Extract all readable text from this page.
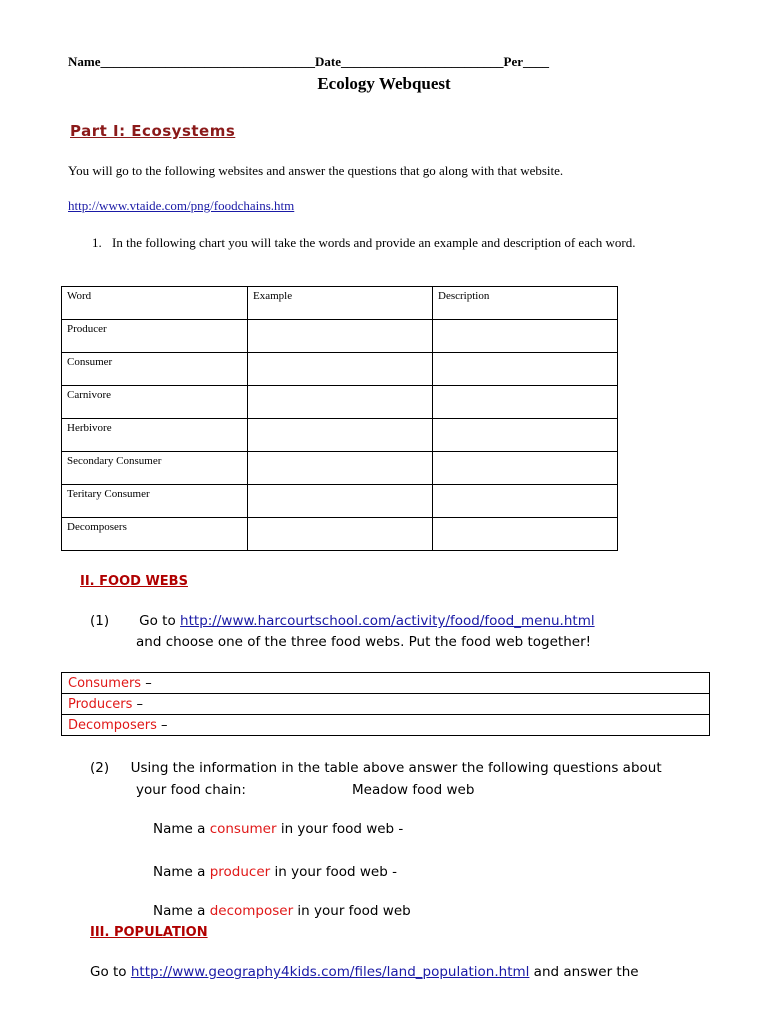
Name_________________________________Date_________________________Per____
Ecology Webquest
Part I: Ecosystems
You will go to the following websites and answer the questions that go along with that website.
http://www.vtaide.com/png/foodchains.htm
1. In the following chart you will take the words and provide an example and description of each word.
Word	Example	Description
Producer		
Consumer		
Carnivore		
Herbivore		
Secondary Consumer		
Teritary Consumer		
Decomposers		
II. FOOD WEBS
(1) Go to http://www.harcourtschool.com/activity/food/food_menu.html
and choose one of the three food webs. Put the food web together!
Consumers –
Producers –
Decomposers –
(2) Using the information in the table above answer the following questions about
your food chain:	Meadow food web
Name a consumer in your food web -
Name a producer in your food web -
Name a decomposer in your food web
III. POPULATION
Go to http://www.geography4kids.com/files/land_population.html and answer the
